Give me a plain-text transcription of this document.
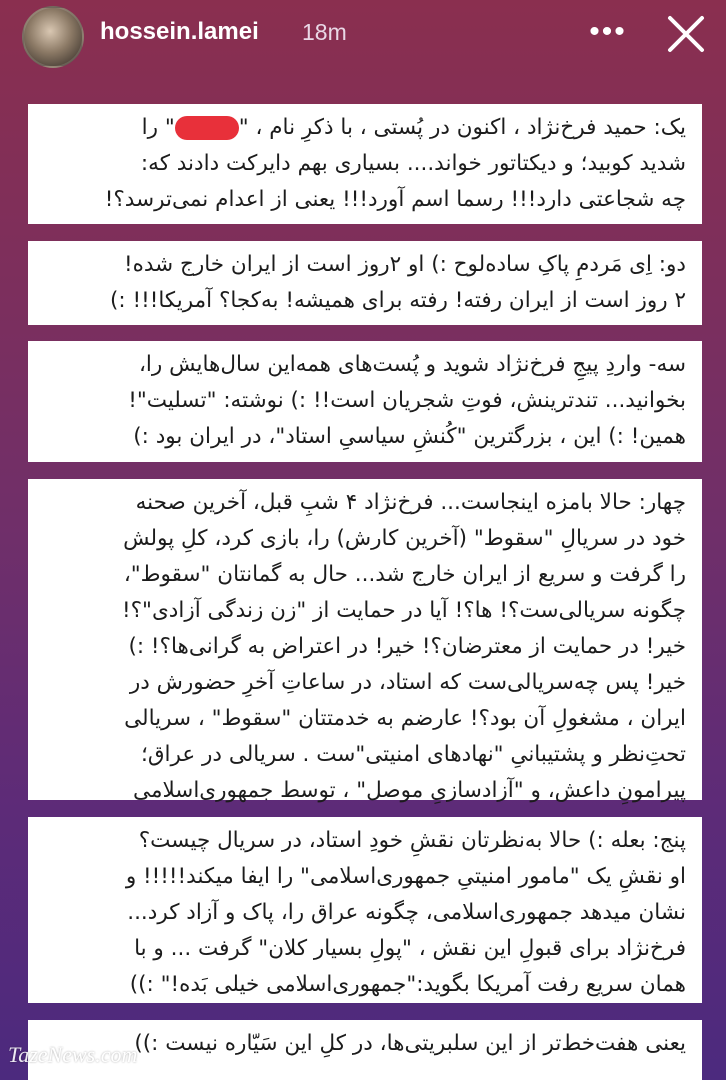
hossein.lamei 18m	•••
یک: حمید فرخ‌نژاد ، اکنون در پُستی ، با ذکرِ نام ، "" را
شدید کوبید؛ و دیکتاتور خواند.... بسیاری بهم دایرکت دادند که:
چه شجاعتی دارد!!! رسما اسم آورد!!! یعنی از اعدام نمی‌ترسد؟!
دو: اِی مَردمِ پاکِ ساده‌لوح :) او ۲روز است از ایران خارج شده!
۲ روز است از ایران رفته! رفته برای همیشه! به‌کجا؟ آمریکا!!! :)
سه- واردِ پیجِ فرخ‌نژاد شوید و پُست‌های همه‌این سال‌هایش را،
بخوانید... تندترینش، فوتِ شجریان است!! :) نوشته: "تسلیت"!
همین! :) این ، بزرگترین "کُنشِ سیاسیِ استاد"، در ایران بود :)
چهار: حالا بامزه اینجاست... فرخ‌نژاد ۴ شبِ قبل، آخرین صحنه
خود در سریالِ "سقوط" (آخرین کارش) را، بازی کرد، کلِ پولش
را گرفت و سریع از ایران خارج شد... حال به گمانتان "سقوط"،
چگونه سریالی‌ست؟! ها؟! آیا در حمایت از "زن زندگی آزادی"؟!
خیر! در حمایت از معترضان؟! خیر! در اعتراض به گرانی‌ها؟! :)
خیر! پس چه‌سریالی‌ست که استاد، در ساعاتِ آخرِ حضورش در
ایران ، مشغولِ آن بود؟! عارضم به خدمتتان "سقوط" ، سریالی
تحتِ‌نظر و پشتیبانیِ "نهادهای امنیتی"ست . سریالی در عراق؛
پیرامونِ داعش، و "آزادسازیِ موصل" ، توسط جمهوری‌اسلامی
پنج: بعله :) حالا به‌نظرتان نقشِ خودِ استاد، در سریال چیست؟
او نقشِ یک "مامور امنیتیِ جمهوری‌اسلامی" را ایفا میکند!!!!! و
نشان میدهد جمهوری‌اسلامی، چگونه عراق را، پاک و آزاد کرد...
فرخ‌نژاد برای قبولِ این نقش ، "پولِ بسیار کلان" گرفت ... و با
همان سریع رفت آمریکا بگوید:"جمهوری‌اسلامی خیلی بَده!" :))
یعنی هفت‌خط‌تر از این سلبریتی‌ها، در کلِ این سَیّاره نیست :))
TazeNews.com
